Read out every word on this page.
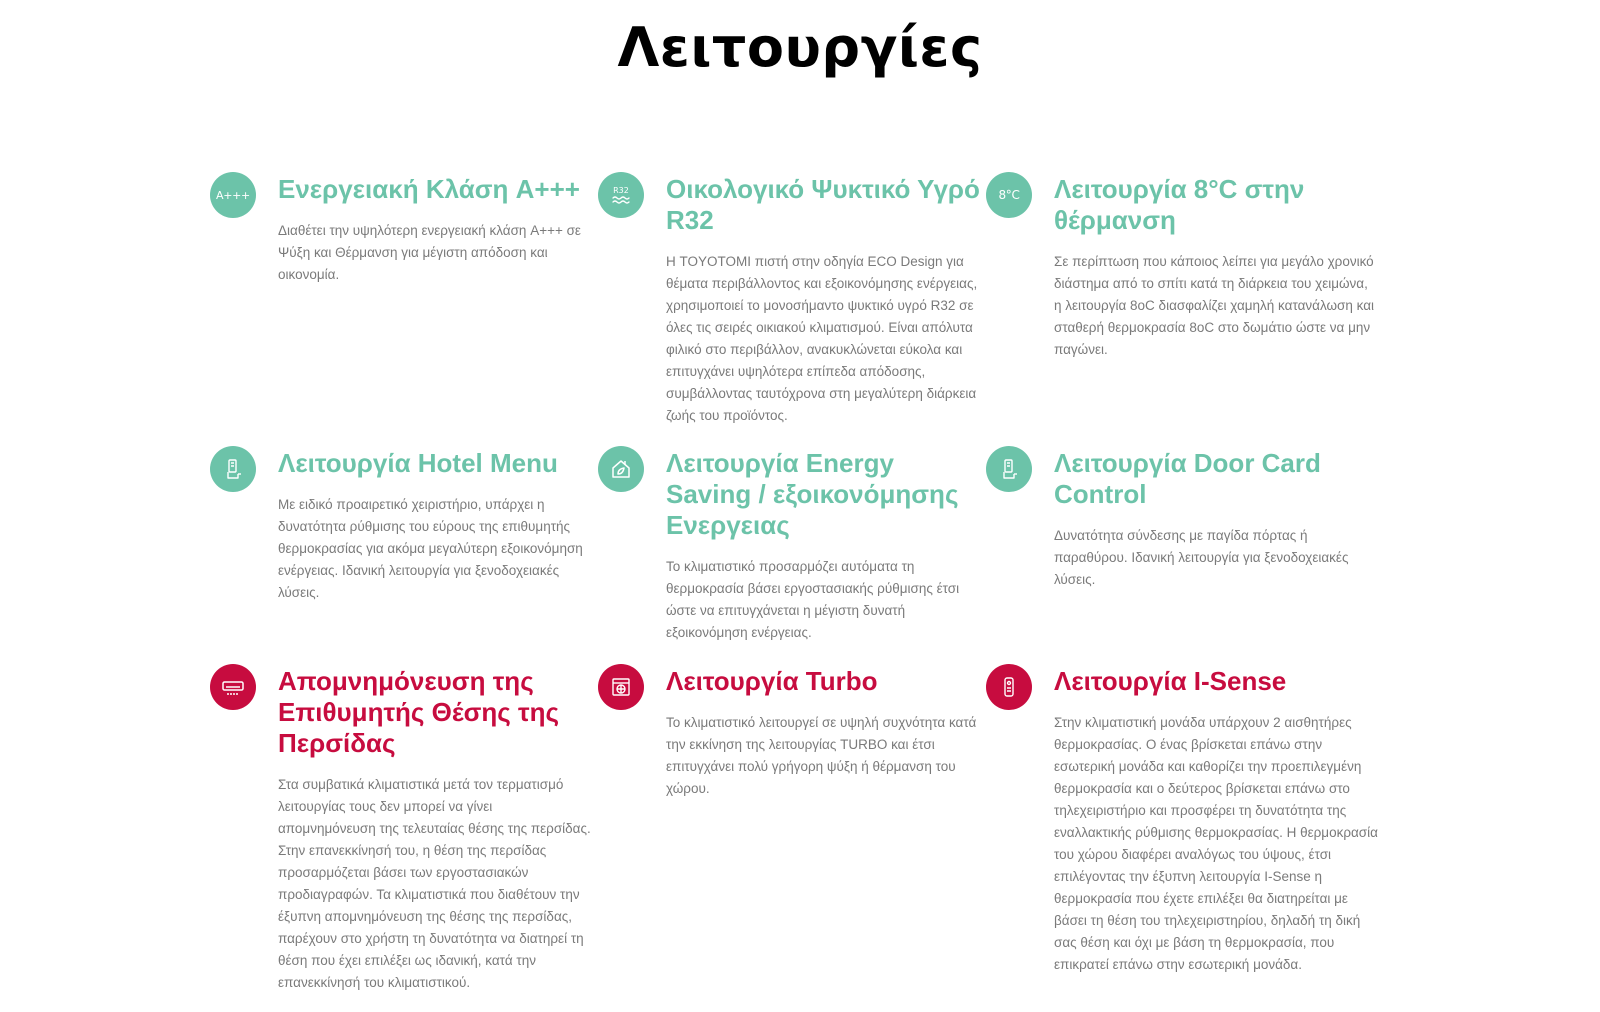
Λειτουργίες
A+++ Ενεργειακή Κλάση A+++

Διαθέτει την υψηλότερη ενεργειακή κλάση A+++ σε Ψύξη και Θέρμανση για μέγιστη απόδοση και οικονομία.

R32 Οικολογικό Ψυκτικό Υγρό R32

Η TOYOTOMI πιστή στην οδηγία ECO Design για θέματα περιβάλλοντος και εξοικονόμησης ενέργειας, χρησιμοποιεί το μονοσήμαντο ψυκτικό υγρό R32 σε όλες τις σειρές οικιακού κλιματισμού. Είναι απόλυτα φιλικό στο περιβάλλον, ανακυκλώνεται εύκολα και επιτυγχάνει υψηλότερα επίπεδα απόδοσης, συμβάλλοντας ταυτόχρονα στη μεγαλύτερη διάρκεια ζωής του προϊόντος.

8°C Λειτουργία 8°C στην θέρμανση

Σε περίπτωση που κάποιος λείπει για μεγάλο χρονικό διάστημα από το σπίτι κατά τη διάρκεια του χειμώνα, η λειτουργία 8οC διασφαλίζει χαμηλή κατανάλωση και σταθερή θερμοκρασία 8οC στο δωμάτιο ώστε να μην παγώνει.

Λειτουργία Hotel Menu

Με ειδικό προαιρετικό χειριστήριο, υπάρχει η δυνατότητα ρύθμισης του εύρους της επιθυμητής θερμοκρασίας για ακόμα μεγαλύτερη εξοικονόμηση ενέργειας. Ιδανική λειτουργία για ξενοδοχειακές λύσεις.

Λειτουργία Energy Saving / εξοικονόμησης Ενεργειας

Το κλιματιστικό προσαρμόζει αυτόματα τη θερμοκρασία βάσει εργοστασιακής ρύθμισης έτσι ώστε να επιτυγχάνεται η μέγιστη δυνατή εξοικονόμηση ενέργειας.

Λειτουργία Door Card Control

Δυνατότητα σύνδεσης με παγίδα πόρτας ή παραθύρου. Ιδανική λειτουργία για ξενοδοχειακές λύσεις.

Απομνημόνευση της Επιθυμητής Θέσης της Περσίδας

Στα συμβατικά κλιματιστικά μετά τον τερματισμό λειτουργίας τους δεν μπορεί να γίνει απομνημόνευση της τελευταίας θέσης της περσίδας. Στην επανεκκίνησή του, η θέση της περσίδας προσαρμόζεται βάσει των εργοστασιακών προδιαγραφών. Τα κλιματιστικά που διαθέτουν την έξυπνη απομνημόνευση της θέσης της περσίδας, παρέχουν στο χρήστη τη δυνατότητα να διατηρεί τη θέση που έχει επιλέξει ως ιδανική, κατά την επανεκκίνησή του κλιματιστικού.

Λειτουργία Turbo

Το κλιματιστικό λειτουργεί σε υψηλή συχνότητα κατά την εκκίνηση της λειτουργίας TURBO και έτσι επιτυγχάνει πολύ γρήγορη ψύξη ή θέρμανση του χώρου.

Λειτουργία I-Sense

Στην κλιματιστική μονάδα υπάρχουν 2 αισθητήρες θερμοκρασίας. Ο ένας βρίσκεται επάνω στην εσωτερική μονάδα και καθορίζει την προεπιλεγμένη θερμοκρασία και ο δεύτερος βρίσκεται επάνω στο τηλεχειριστήριο και προσφέρει τη δυνατότητα της εναλλακτικής ρύθμισης θερμοκρασίας. Η θερμοκρασία του χώρου διαφέρει αναλόγως του ύψους, έτσι επιλέγοντας την έξυπνη λειτουργία I-Sense η θερμοκρασία που έχετε επιλέξει θα διατηρείται με βάσει τη θέση του τηλεχειριστηρίου, δηλαδή τη δική σας θέση και όχι με βάση τη θερμοκρασία, που επικρατεί επάνω στην εσωτερική μονάδα.
